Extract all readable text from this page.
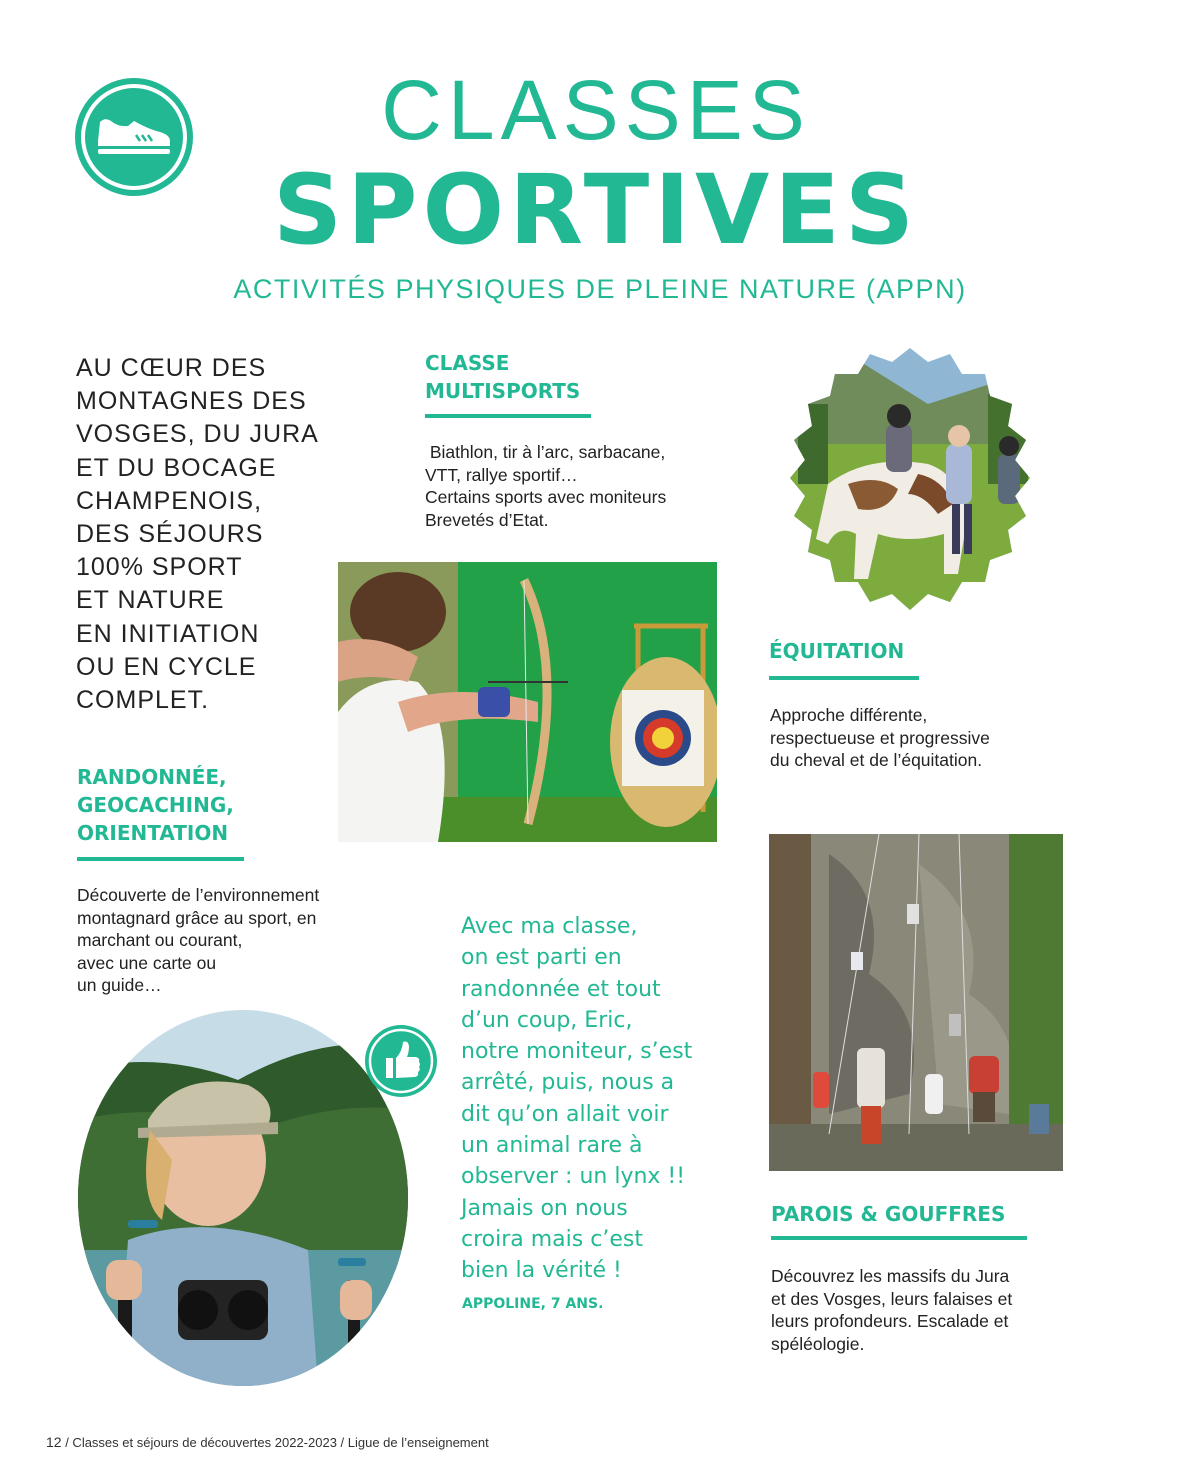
CLASSES
SPORTIVES
ACTIVITÉS PHYSIQUES DE PLEINE NATURE (APPN)
AU CŒUR DES
MONTAGNES DES
VOSGES, DU JURA
ET DU BOCAGE
CHAMPENOIS,
DES SÉJOURS
100% SPORT
ET NATURE
EN INITIATION
OU EN CYCLE
COMPLET.
CLASSE
MULTISPORTS
Biathlon, tir à l’arc, sarbacane,
VTT, rallye sportif…
Certains sports avec moniteurs
Brevetés d’Etat.
ÉQUITATION
Approche différente,
respectueuse et progressive
du cheval et de l’équitation.
RANDONNÉE,
GEOCACHING,
ORIENTATION
Découverte de l’environnement
montagnard grâce au sport, en
marchant ou courant,
avec une carte ou
un guide…
PAROIS & GOUFFRES
Découvrez les massifs du Jura
et des Vosges, leurs falaises et
leurs profondeurs. Escalade et
spéléologie.
Avec ma classe,
on est parti en
randonnée et tout
d’un coup, Eric,
notre moniteur, s’est
arrêté, puis, nous a
dit qu’on allait voir
un animal rare à
observer : un lynx !!
Jamais on nous
croira mais c’est
bien la vérité !
APPOLINE, 7 ANS.
12 / Classes et séjours de découvertes 2022-2023 / Ligue de l’enseignement
